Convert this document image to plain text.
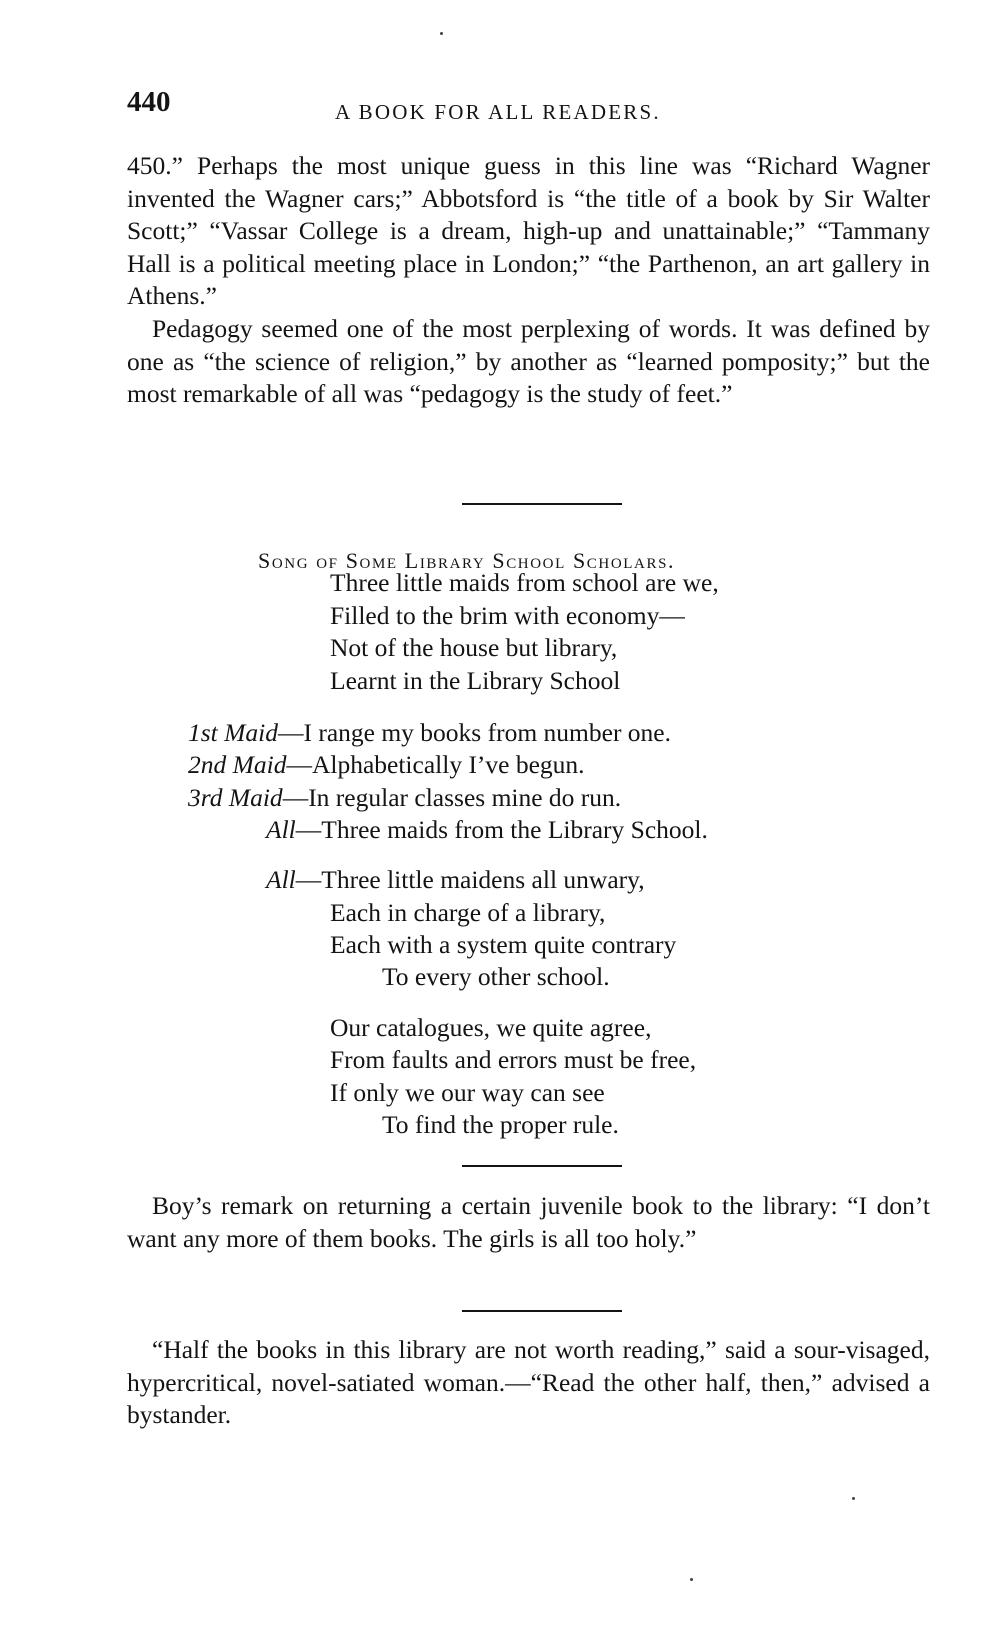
440	A BOOK FOR ALL READERS.

450.” Perhaps the most unique guess in this line was “Richard Wagner invented the Wagner cars;” Abbotsford is “the title of a book by Sir Walter Scott;” “Vassar College is a dream, high-up and unattainable;” “Tammany Hall is a political meeting place in London;” “the Parthenon, an art gallery in Athens.”

Pedagogy seemed one of the most perplexing of words. It was defined by one as “the science of religion,” by another as “learned pomposity;” but the most remarkable of all was “pedagogy is the study of feet.”

Song of Some Library School Scholars.
Three little maids from school are we,
Filled to the brim with economy—
Not of the house but library,
Learnt in the Library School
1st Maid—I range my books from number one.
2nd Maid—Alphabetically I’ve begun.
3rd Maid—In regular classes mine do run.
All—Three maids from the Library School.
All—Three little maidens all unwary,
Each in charge of a library,
Each with a system quite contrary
To every other school.
Our catalogues, we quite agree,
From faults and errors must be free,
If only we our way can see
To find the proper rule.

Boy’s remark on returning a certain juvenile book to the library: “I don’t want any more of them books. The girls is all too holy.”

“Half the books in this library are not worth reading,” said a sour-visaged, hypercritical, novel-satiated woman.—“Read the other half, then,” advised a bystander.
